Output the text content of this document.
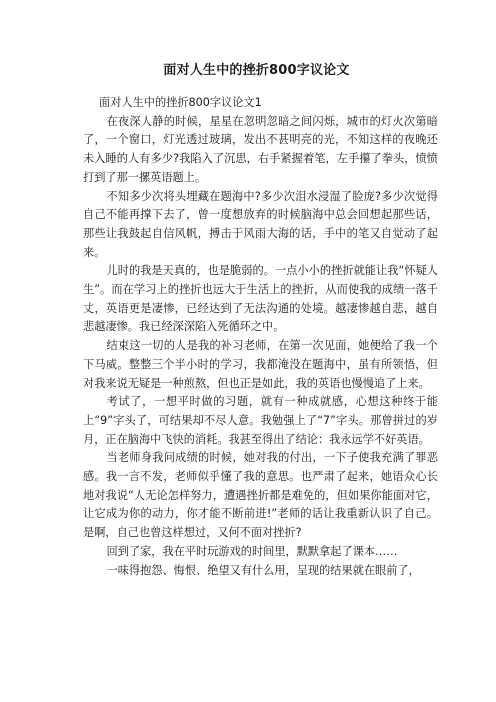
面对人生中的挫折800字议论文

面对人生中的挫折800字议论文1

在夜深人静的时候，星星在忽明忽暗之间闪烁，城市的灯火次第暗了，一个窗口，灯光透过玻璃，发出不甚明亮的光，不知这样的夜晚还未入睡的人有多少?我陷入了沉思，右手紧握着笔，左手攥了拳头，愤愤打到了那一摞英语题上。

不知多少次将头埋藏在题海中?多少次泪水浸湿了脸庞?多少次觉得自己不能再撑下去了，曾一度想放弃的时候脑海中总会回想起那些话，那些让我鼓起自信风帆，搏击于风雨大海的话，手中的笔又自觉动了起来。

儿时的我是天真的，也是脆弱的。一点小小的挫折就能让我“怀疑人生”。而在学习上的挫折也远大于生活上的挫折，从而使我的成绩一落千丈，英语更是凄惨，已经达到了无法沟通的处境。越凄惨越自悲，越自悲越凄惨。我已经深深陷入死循环之中。

结束这一切的人是我的补习老师，在第一次见面，她便给了我一个下马威。整整三个半小时的学习，我都淹没在题海中，虽有所领悟，但对我来说无疑是一种煎熬，但也正是如此，我的英语也慢慢追了上来。

考试了，一想平时做的习题，就有一种成就感，心想这种终于能上“9”字头了，可结果却不尽人意。我勉强上了“7”字头。那曾拼过的岁月，正在脑海中飞快的消耗。我甚至得出了结论：我永远学不好英语。

当老师身我问成绩的时候，她对我的付出，一下子使我充满了罪恶感。我一言不发，老师似乎懂了我的意思。也严肃了起来，她语众心长地对我说“人无论怎样努力，遭遇挫折都是难免的，但如果你能面对它，让它成为你的动力，你才能不断前进!”老师的话让我重新认识了自己。是啊，自己也曾这样想过，又何不面对挫折?

回到了家，我在平时玩游戏的时间里，默默拿起了课本……

一味得抱怨、悔恨、绝望又有什么用，呈现的结果就在眼前了，
